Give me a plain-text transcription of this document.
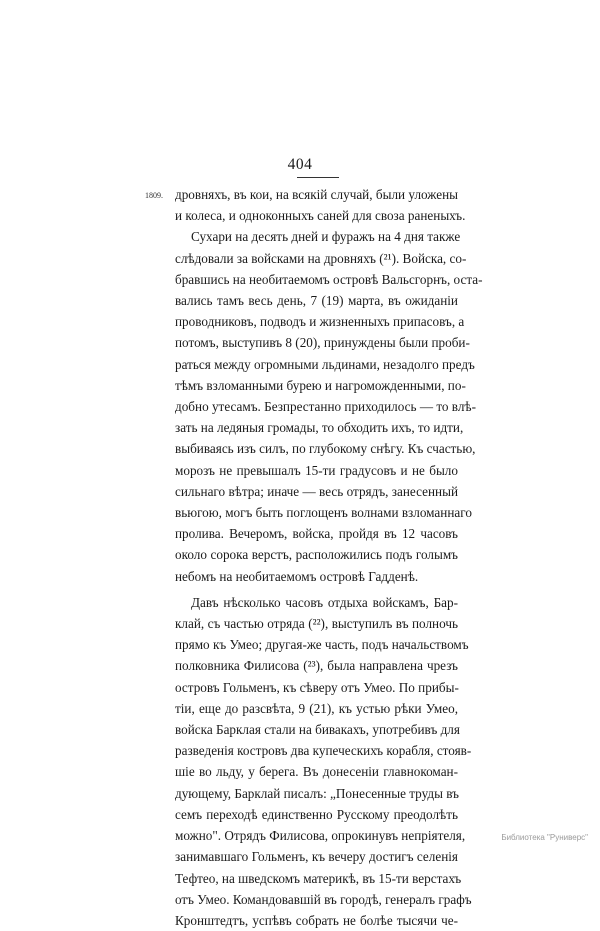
404
1809. дровняхъ, въ кои, на всякiй случай, были уложены
и колеса, и одноконныхъ саней для своза раненыхъ.
Сухари на десять дней и фуражъ на 4 дня также
слѣдовали за войсками на дровняхъ (²¹). Войска, со-
бравшись на необитаемомъ островѣ Вальсгорнъ, оста-
вались тамъ весь день, 7 (19) марта, въ ожиданiи
проводниковъ, подводъ и жизненныхъ припасовъ, а
потомъ, выступивъ 8 (20), принуждены были проби-
раться между огромными льдинами, незадолго предъ
тѣмъ взломанными бурею и нагроможденными, по-
добно утесамъ. Безпрестанно приходилось — то влѣ-
зать на ледяныя громады, то обходить ихъ, то идти,
выбиваясь изъ силъ, по глубокому снѣгу. Къ счастью,
морозъ не превышалъ 15-ти градусовъ и не было
сильнаго вѣтра; иначе — весь отрядъ, занесенный
вьюгою, могъ быть поглощенъ волнами взломаннаго
пролива. Вечеромъ, войска, пройдя въ 12 часовъ
около сорока верстъ, расположились подъ голымъ
небомъ на необитаемомъ островѣ Гадденѣ.
Давъ нѣсколько часовъ отдыха войскамъ, Бар-
клай, съ частью отряда (²²), выступилъ въ полночь
прямо къ Умео; другая-же часть, подъ начальствомъ
полковника Филисова (²³), была направлена чрезъ
островъ Гольменъ, къ сѣверу отъ Умео. По прибы-
тiи, еще до разсвѣта, 9 (21), къ устью рѣки Умео,
войска Барклая стали на бивакахъ, употребивъ для
разведенiя костровъ два купеческихъ корабля, стояв-
шiе во льду, у берега. Въ донесенiи главнокоман-
дующему, Барклай писалъ: „Понесенные труды въ
семъ переходѣ единственно Русскому преодолѣть
можно". Отрядъ Филисова, опрокинувъ непрiятеля,
занимавшаго Гольменъ, къ вечеру достигъ селенiя
Тефтео, на шведскомъ материкѣ, въ 15-ти верстахъ
отъ Умео. Командовавшiй въ городѣ, генералъ графъ
Кронштедтъ, успѣвъ собрать не болѣе тысячи че-
Библиотека "Руниверс"
